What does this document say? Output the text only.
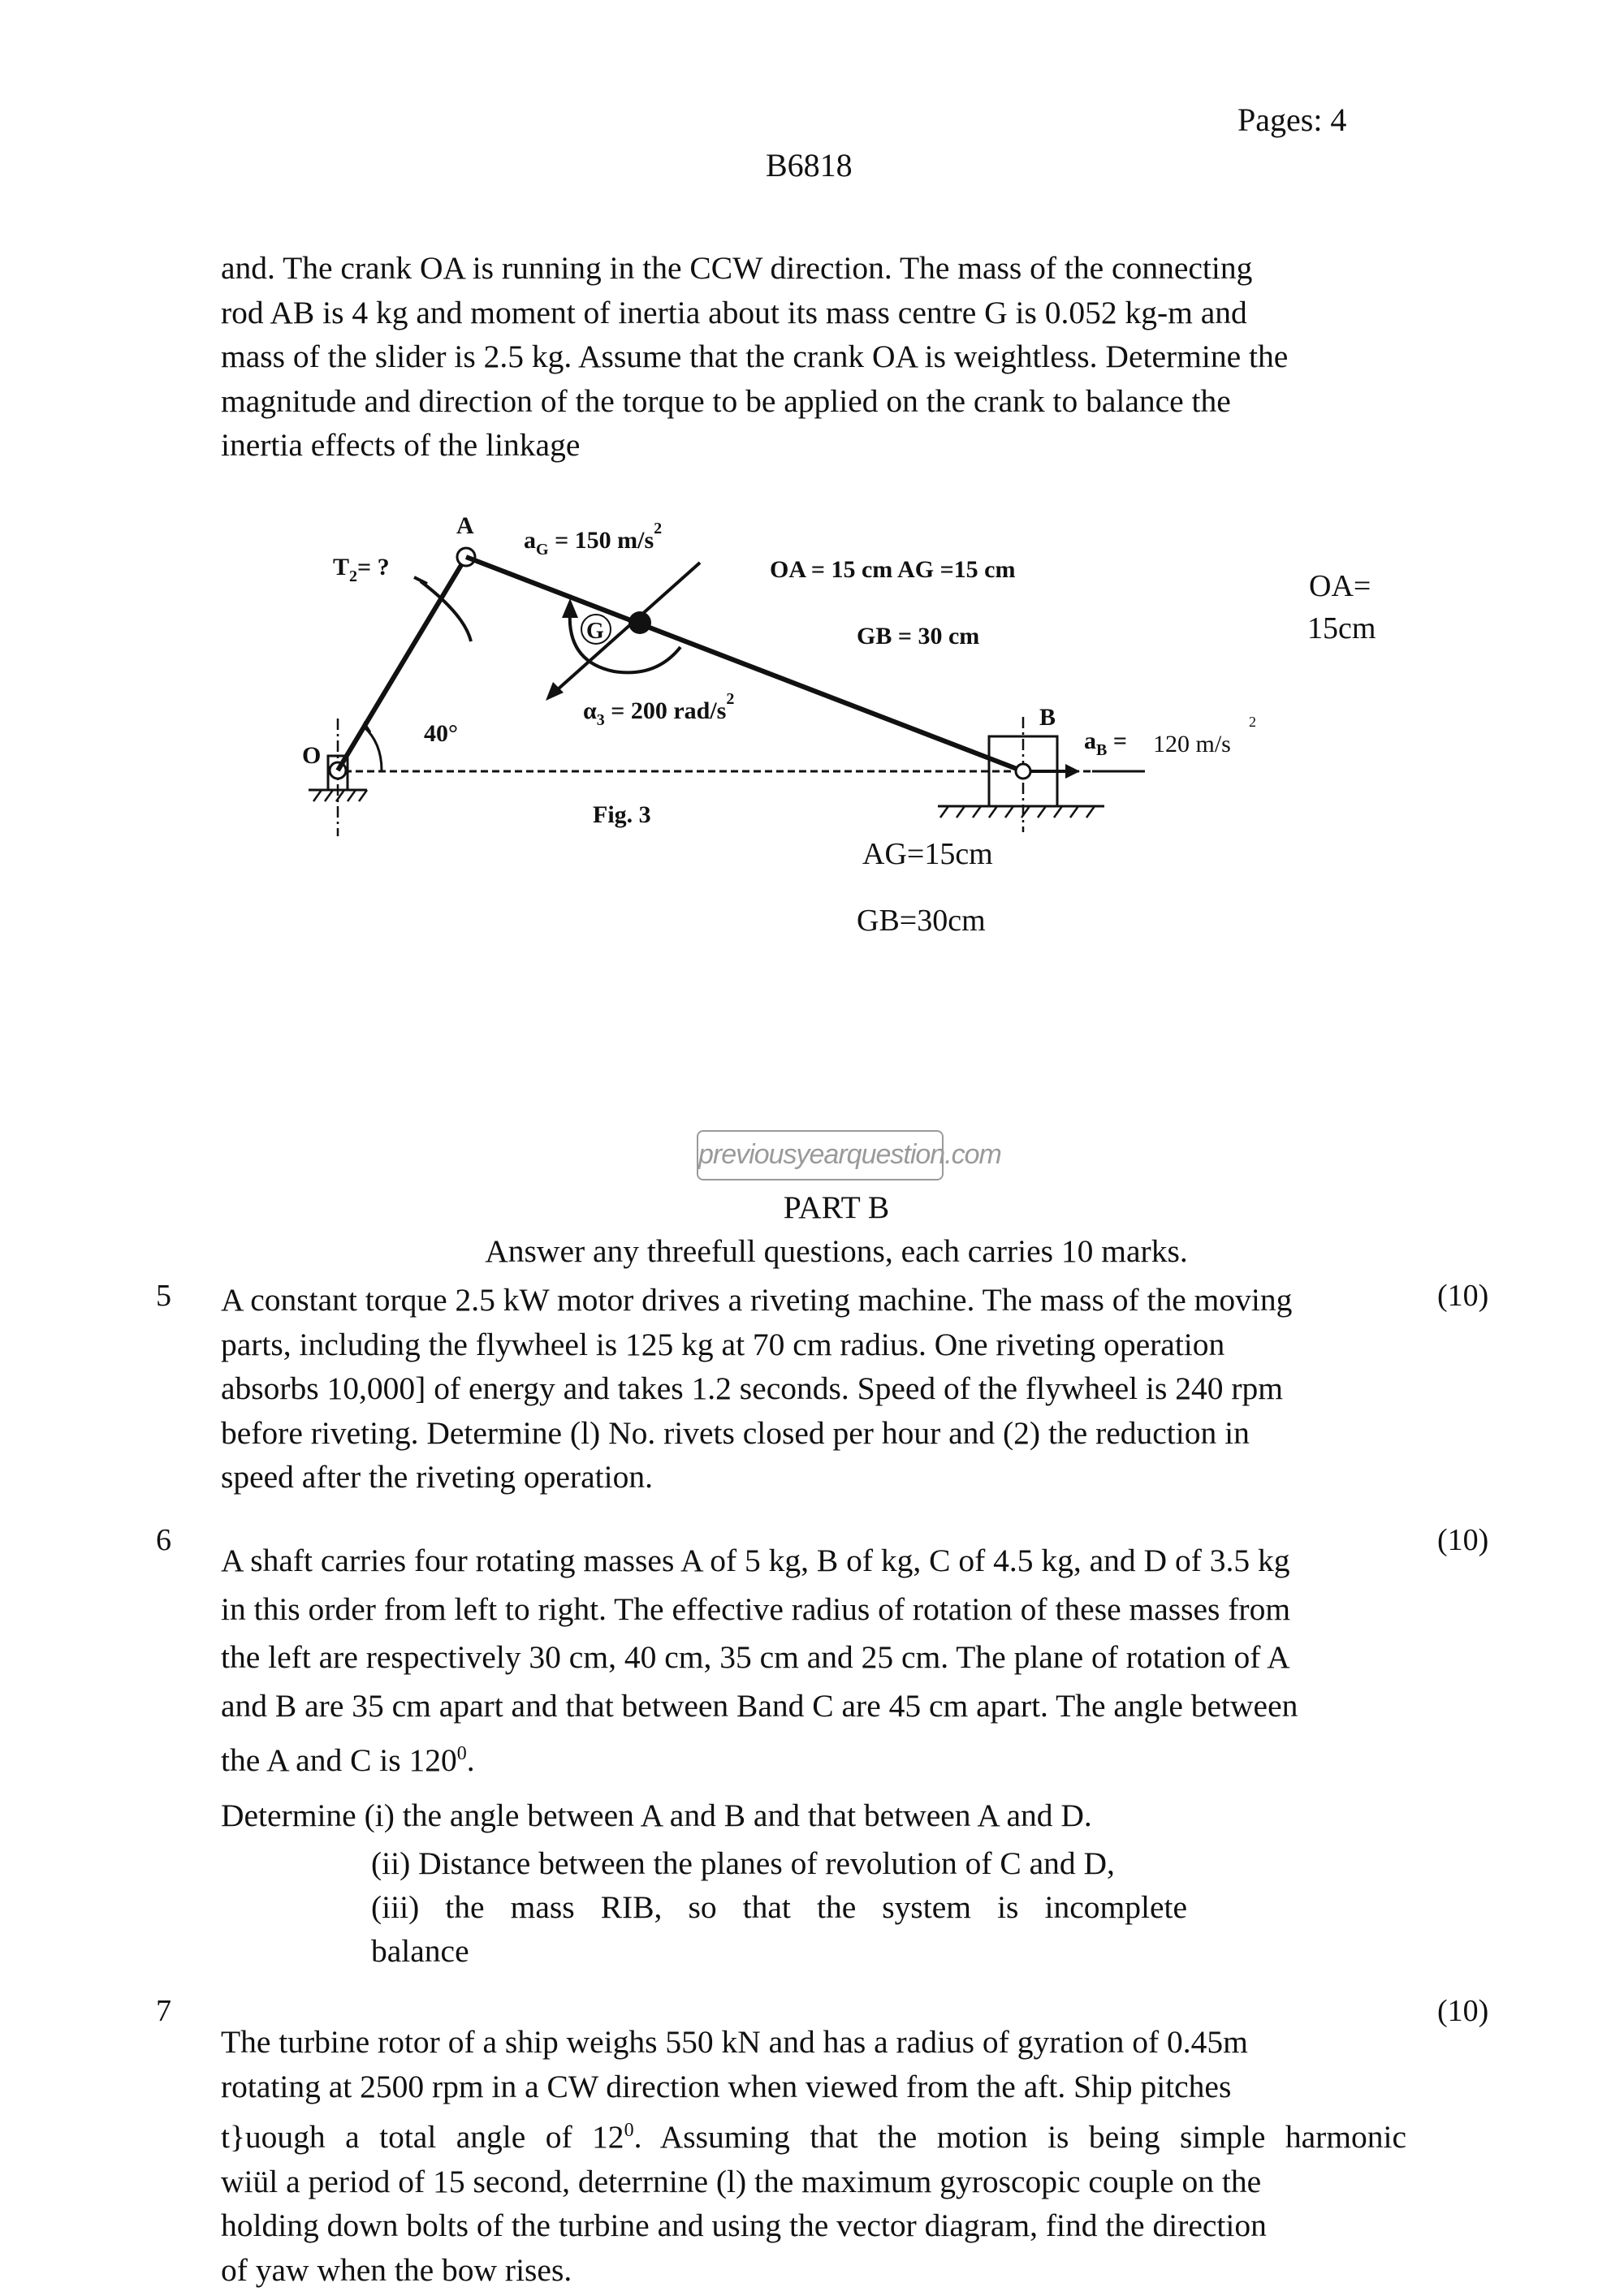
Pages: 4
B6818

and. The crank OA is running in the CCW direction. The mass of the connecting

rod AB is 4 kg and moment of inertia about its mass centre G is 0.052 kg-m and

mass of the slider is 2.5 kg. Assume that the crank OA is weightless. Determine the

magnitude and direction of the torque to be applied on the crank to balance the

inertia effects of the linkage

A
$T_2=$ ?
$a_G = 150$ $m/s^2$
OA = 15 cm AG =15 cm
GB = 30 cm
G
O
40°
$\alpha_3 = 200$ rad/$s^2$
B
$a_B = 120$ m/s
2
Fig. 3
OA=
15cm
AG=15cm
GB=30cm
previousyearquestion.com
PART B
Answer any threefull questions, each carries 10 marks.
5	(10)

A constant torque 2.5 kW motor drives a riveting machine. The mass of the moving

parts, including the flywheel is 125 kg at 70 cm radius. One riveting operation

absorbs 10,000] of energy and takes 1.2 seconds. Speed of the flywheel is 240 rpm

before riveting. Determine (l) No. rivets closed per hour and (2) the reduction in

speed after the riveting operation.

6	(10)

A shaft carries four rotating masses A of 5 kg, B of kg, C of 4.5 kg, and D of 3.5 kg

in this order from left to right. The effective radius of rotation of these masses from

the left are respectively 30 cm, 40 cm, 35 cm and 25 cm. The plane of rotation of A

and B are 35 cm apart and that between Band C are 45 cm apart. The angle between

the A and C is $120^0$.

Determine (i) the angle between A and B and that between A and D.
(ii) Distance between the planes of revolution of C and D,
(iii) the mass RIB, so that the system is incomplete
balance
7	(10)

The turbine rotor of a ship weighs 550 kN and has a radius of gyration of 0.45m

rotating at 2500 rpm in a CW direction when viewed from the aft. Ship pitches

t}uough a total angle of $12^0$. Assuming that the motion is being simple harmonic

wiül a period of 15 second, deterrnine (l) the maximum gyroscopic couple on the

holding down bolts of the turbine and using the vector diagram, find the direction

of yaw when the bow rises.
